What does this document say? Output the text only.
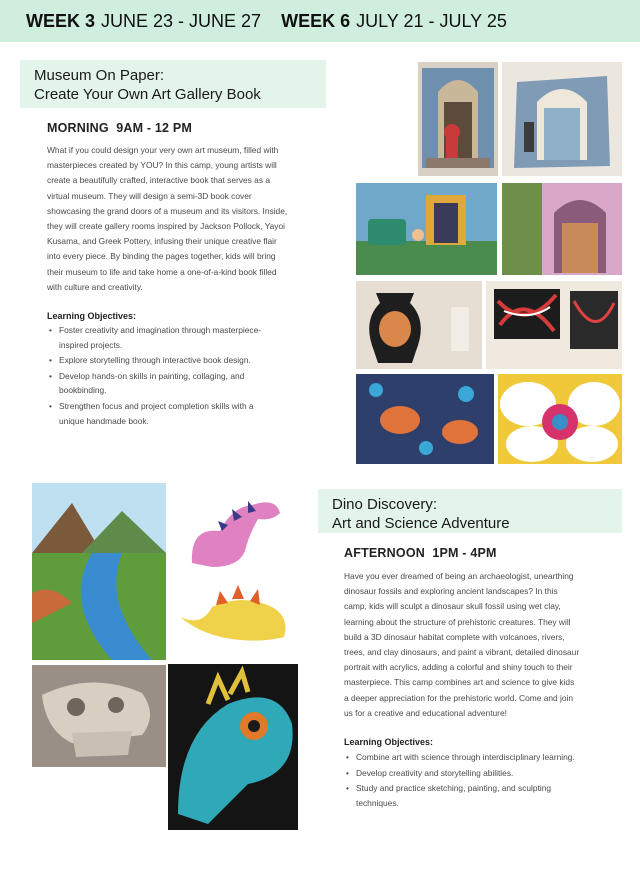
WEEK 3 JUNE 23 - JUNE 27 WEEK 6 JULY 21 - JULY 25
Museum On Paper:
Create Your Own Art Gallery Book
MORNING 9AM - 12 PM
What if you could design your very own art museum, filled with
masterpieces created by YOU? In this camp, young artists will
create a beautifully crafted, interactive book that serves as a
virtual museum. They will design a semi-3D book cover
showcasing the grand doors of a museum and its visitors. Inside,
they will create gallery rooms inspired by Jackson Pollock, Yayoi
Kusama, and Greek Pottery, infusing their unique creative flair
into every piece. By binding the pages together, kids will bring
their museum to life and take home a one-of-a-kind book filled
with culture and creativity.
Learning Objectives:
• Foster creativity and imagination through masterpiece-
inspired projects.
• Explore storytelling through interactive book design.
• Develop hands-on skills in painting, collaging, and
bookbinding.
• Strengthen focus and project completion skills with a
unique handmade book.
Dino Discovery:
Art and Science Adventure
AFTERNOON 1PM - 4PM
Have you ever dreamed of being an archaeologist, unearthing
dinosaur fossils and exploring ancient landscapes? In this
camp, kids will sculpt a dinosaur skull fossil using wet clay,
learning about the structure of prehistoric creatures. They will
build a 3D dinosaur habitat complete with volcanoes, rivers,
trees, and clay dinosaurs, and paint a vibrant, detailed dinosaur
portrait with acrylics, adding a colorful and shiny touch to their
masterpiece. This camp combines art and science to give kids
a deeper appreciation for the prehistoric world. Come and join
us for a creative and educational adventure!
Learning Objectives:
• Combine art with science through interdisciplinary learning.
• Develop creativity and storytelling abilities.
• Study and practice sketching, painting, and sculpting
techniques.
